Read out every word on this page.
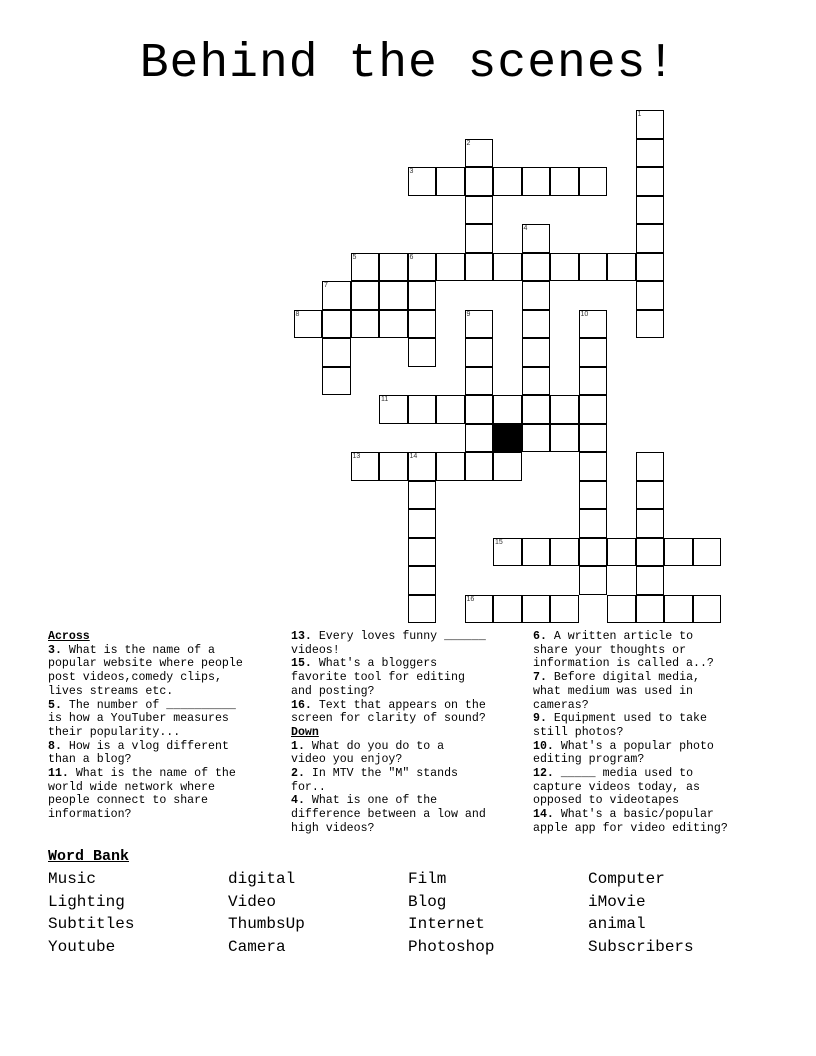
Behind the scenes!
1
2
3
4
5	6
7
8	9	10
11
13	14
15
16
Across
3. What is the name of a
popular website where people
post videos,comedy clips,
lives streams etc.
5. The number of __________
is how a YouTuber measures
their popularity...
8. How is a vlog different
than a blog?
11. What is the name of the
world wide network where
people connect to share
information?
13. Every loves funny ______
videos!
15. What's a bloggers
favorite tool for editing
and posting?
16. Text that appears on the
screen for clarity of sound?
Down
1. What do you do to a
video you enjoy?
2. In MTV the "M" stands
for..
4. What is one of the
difference between a low and
high videos?
6. A written article to
share your thoughts or
information is called a..?
7. Before digital media,
what medium was used in
cameras?
9. Equipment used to take
still photos?
10. What's a popular photo
editing program?
12. _____ media used to
capture videos today, as
opposed to videotapes
14. What's a basic/popular
apple app for video editing?
Word Bank
Music	digital	Film	Computer
Lighting	Video	Blog	iMovie
Subtitles	ThumbsUp	Internet	animal
Youtube	Camera	Photoshop	Subscribers
